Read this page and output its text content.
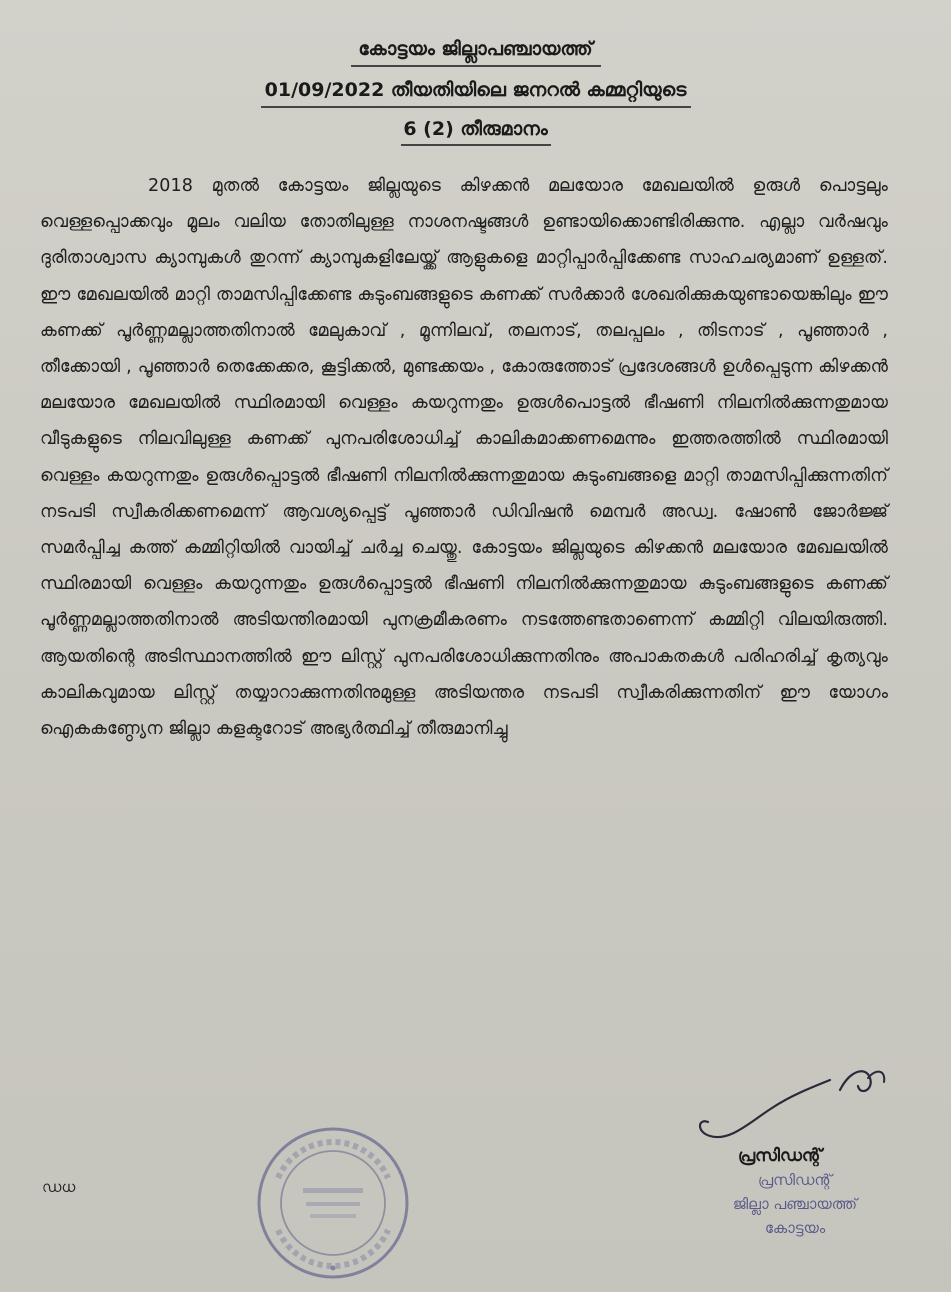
കോട്ടയം ജില്ലാപഞ്ചായത്ത്
01/09/2022 തീയതിയിലെ ജനറൽ കമ്മറ്റിയുടെ
6 (2) തീരുമാനം
2018 മുതൽ കോട്ടയം ജില്ലയുടെ കിഴക്കൻ മലയോര മേഖലയിൽ ഉരുൾ പൊട്ടലും വെള്ളപ്പൊക്കവും മൂലം വലിയ തോതിലുള്ള നാശനഷ്ടങ്ങൾ ഉണ്ടായിക്കൊണ്ടിരിക്കുന്നു. എല്ലാ വർഷവും ദുരിതാശ്വാസ ക്യാമ്പുകൾ തുറന്ന് ക്യാമ്പുകളിലേയ്ക്ക് ആളുകളെ മാറ്റിപ്പാർപ്പിക്കേണ്ട സാഹചര്യമാണ് ഉള്ളത്. ഈ മേഖലയിൽ മാറ്റി താമസിപ്പിക്കേണ്ട കുടുംബങ്ങളുടെ കണക്ക് സർക്കാർ ശേഖരിക്കുകയുണ്ടായെങ്കിലും ഈ കണക്ക് പൂർണ്ണമല്ലാത്തതിനാൽ മേലുകാവ് , മൂന്നിലവ്, തലനാട്, തലപ്പലം , തിടനാട് , പൂഞ്ഞാർ , തീക്കോയി , പൂഞ്ഞാർ തെക്കേക്കര, കൂട്ടിക്കൽ, മുണ്ടക്കയം , കോരുത്തോട് പ്രദേശങ്ങൾ ഉൾപ്പെടുന്ന കിഴക്കൻ മലയോര മേഖലയിൽ സ്ഥിരമായി വെള്ളം കയറുന്നതും ഉരുൾപൊട്ടൽ ഭീഷണി നിലനിൽക്കുന്നതുമായ വീടുകളുടെ നിലവിലുള്ള കണക്ക് പുനപരിശോധിച്ച് കാലികമാക്കണമെന്നും ഇത്തരത്തിൽ സ്ഥിരമായി വെള്ളം കയറുന്നതും ഉരുൾപ്പൊട്ടൽ ഭീഷണി നിലനിൽക്കുന്നതുമായ കുടുംബങ്ങളെ മാറ്റി താമസിപ്പിക്കുന്നതിന് നടപടി സ്വീകരിക്കണമെന്ന് ആവശ്യപ്പെട്ട് പൂഞ്ഞാർ ഡിവിഷൻ മെമ്പർ അഡ്വ. ഷോൺ ജോർജ്ജ് സമർപ്പിച്ച കത്ത് കമ്മിറ്റിയിൽ വായിച്ച് ചർച്ച ചെയ്തു. കോട്ടയം ജില്ലയുടെ കിഴക്കൻ മലയോര മേഖലയിൽ സ്ഥിരമായി വെള്ളം കയറുന്നതും ഉരുൾപ്പൊട്ടൽ ഭീഷണി നിലനിൽക്കുന്നതുമായ കുടുംബങ്ങളുടെ കണക്ക് പൂർണ്ണമല്ലാത്തതിനാൽ അടിയന്തിരമായി പുനക്രമീകരണം നടത്തേണ്ടതാണെന്ന് കമ്മിറ്റി വിലയിരുത്തി. ആയതിന്റെ അടിസ്ഥാനത്തിൽ ഈ ലിസ്റ്റ് പുനപരിശോധിക്കുന്നതിനും അപാകതകൾ പരിഹരിച്ച് കൃത്യവും കാലികവുമായ ലിസ്റ്റ് തയ്യാറാക്കുന്നതിനുമുള്ള അടിയന്തര നടപടി സ്വീകരിക്കുന്നതിന് ഈ യോഗം ഐകകണ്ഠ്യേന ജില്ലാ കളക്ടറോട് അഭ്യർത്ഥിച്ച് തീരുമാനിച്ചു
പ്രസിഡന്റ്
പ്രസിഡന്റ്
ജില്ലാ പഞ്ചായത്ത്
കോട്ടയം
ഡധ
